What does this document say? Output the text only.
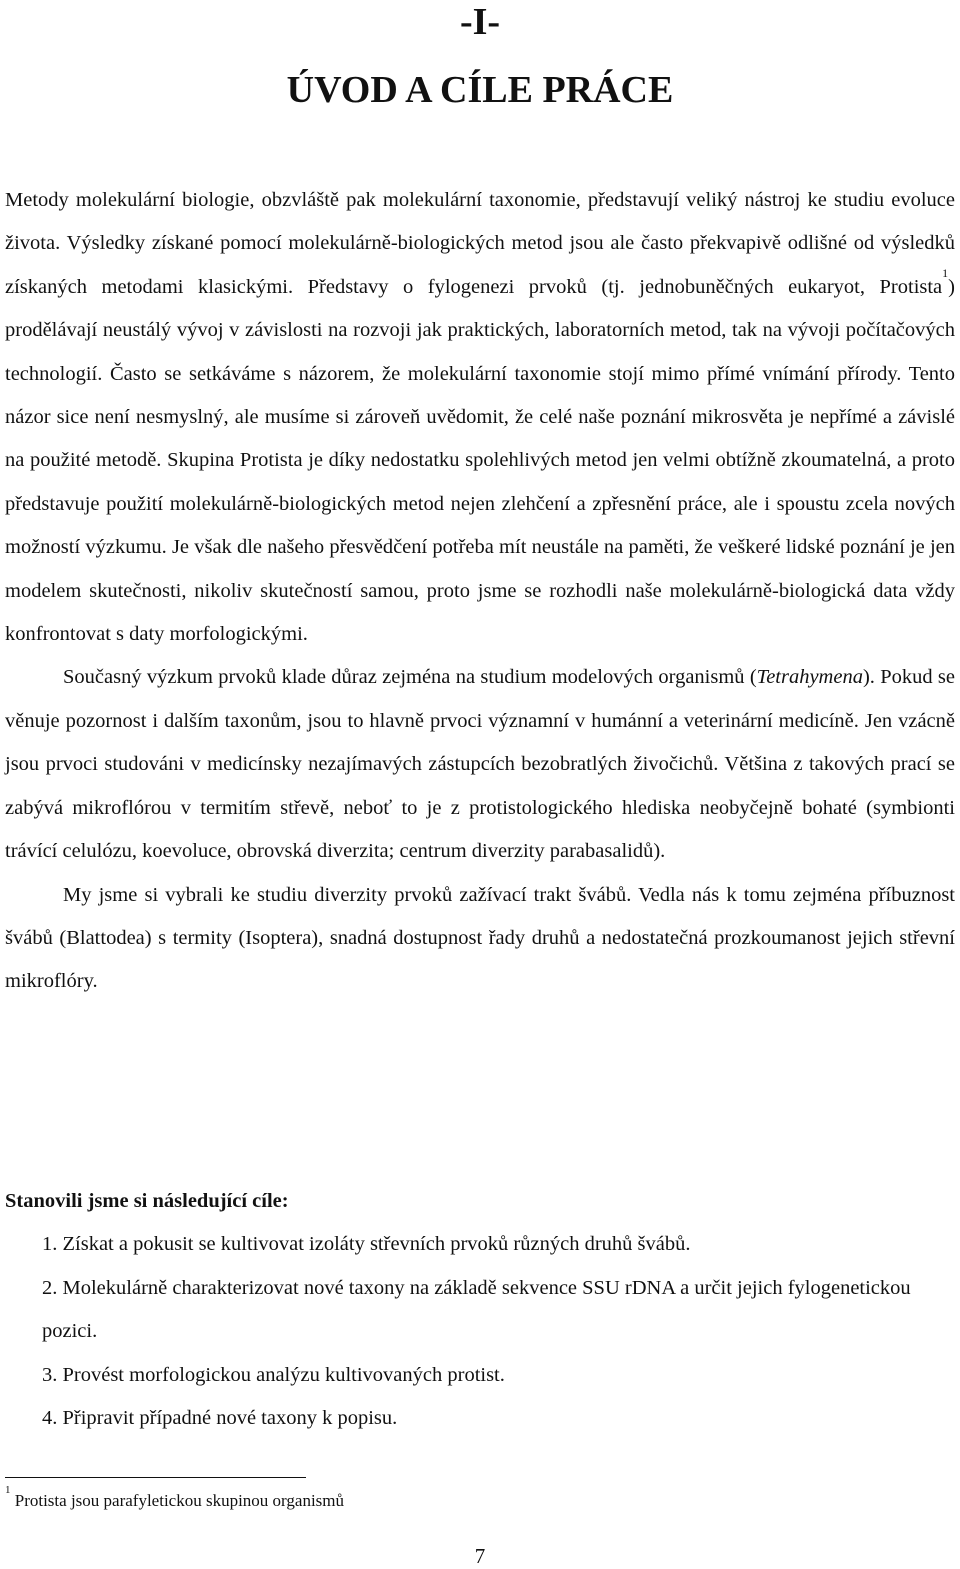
-I-
ÚVOD A CÍLE PRÁCE

Metody molekulární biologie, obzvláště pak molekulární taxonomie, představují veliký nástroj ke studiu evoluce života. Výsledky získané pomocí molekulárně-biologických metod jsou ale často překvapivě odlišné od výsledků získaných metodami klasickými. Představy o fylogenezi prvoků (tj. jednobuněčných eukaryot, Protista$^1$) prodělávají neustálý vývoj v závislosti na rozvoji jak praktických, laboratorních metod, tak na vývoji počítačových technologií. Často se setkáváme s názorem, že molekulární taxonomie stojí mimo přímé vnímání přírody. Tento názor sice není nesmyslný, ale musíme si zároveň uvědomit, že celé naše poznání mikrosvěta je nepřímé a závislé na použité metodě. Skupina Protista je díky nedostatku spolehlivých metod jen velmi obtížně zkoumatelná, a proto představuje použití molekulárně-biologických metod nejen zlehčení a zpřesnění práce, ale i spoustu zcela nových možností výzkumu. Je však dle našeho přesvědčení potřeba mít neustále na paměti, že veškeré lidské poznání je jen modelem skutečnosti, nikoliv skutečností samou, proto jsme se rozhodli naše molekulárně-biologická data vždy konfrontovat s daty morfologickými.

Současný výzkum prvoků klade důraz zejména na studium modelových organismů (Tetrahymena). Pokud se věnuje pozornost i dalším taxonům, jsou to hlavně prvoci významní v humánní a veterinární medicíně. Jen vzácně jsou prvoci studováni v medicínsky nezajímavých zástupcích bezobratlých živočichů. Většina z takových prací se zabývá mikroflórou v termitím střevě, neboť to je z protistologického hlediska neobyčejně bohaté (symbionti trávící celulózu, koevoluce, obrovská diverzita; centrum diverzity parabasalidů).

My jsme si vybrali ke studiu diverzity prvoků zažívací trakt švábů. Vedla nás k tomu zejména příbuznost švábů (Blattodea) s termity (Isoptera), snadná dostupnost řady druhů a nedostatečná prozkoumanost jejich střevní mikroflóry.

Stanovili jsme si následující cíle:

1. Získat a pokusit se kultivovat izoláty střevních prvoků různých druhů švábů.
2. Molekulárně charakterizovat nové taxony na základě sekvence SSU rDNA a určit jejich fylogenetickou pozici.
3. Provést morfologickou analýzu kultivovaných protist.
4. Připravit případné nové taxony k popisu.
$^1$ Protista jsou parafyletickou skupinou organismů
7
